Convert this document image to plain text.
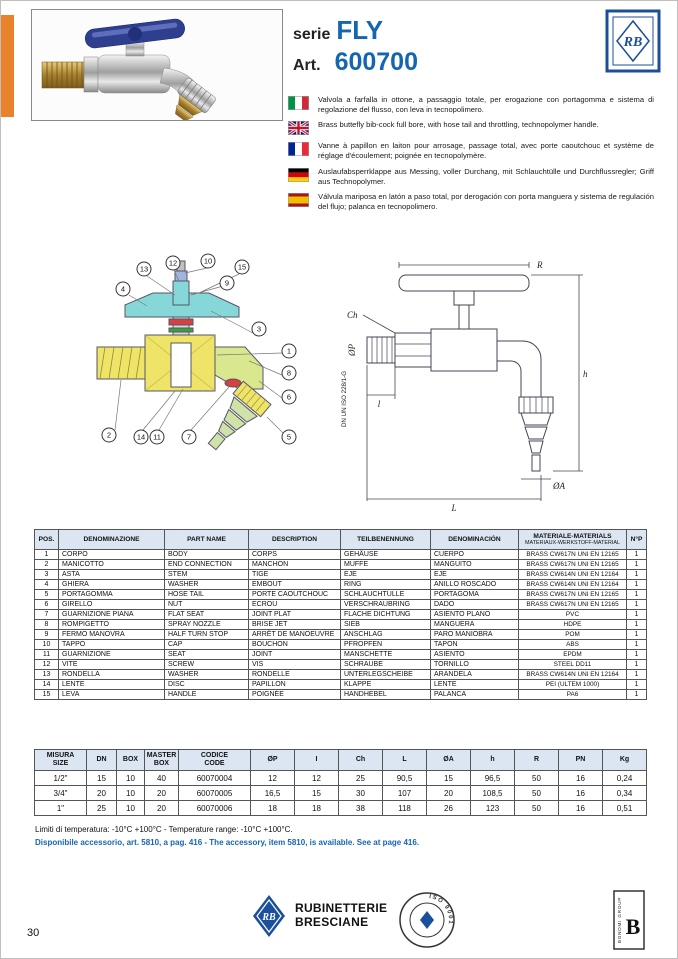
serie FLY
Art. 600700
RB

Valvola a farfalla in ottone, a passaggio totale, per erogazione con portagomma e sistema di regolazione del flusso, con leva in tecnopolimero.

Brass buttefly bib-cock full bore, with hose tail and throttling, technopolymer handle.

Vanne à papillon en laiton pour arrosage, passage total, avec porte caoutchouc et système de réglage d'écoulement; poignée en tecnopolymère.

Auslaufabsperrklappe aus Messing, voller Durchang, mit Schlauchtülle und Durchflussregler; Griff aus Technopolymer.

Válvula mariposa en latón a paso total, por derogación con porta manguera y sistema de regulación del flujo; palanca en tecnopolimero.

13
12	10
15
9
4
3
1
8
6
2	14 11	7	5
R
Ch
ØP
DN UN ISO 228/1-G	l
L
ØA
h
POS.	DENOMINAZIONE	PART NAME	DESCRIPTION	TEILBENENNUNG	DENOMINACIÓN	MATERIALE-MATERIALS
MATERIAUX-WERKSTOFF-MATERIAL	N°P
1	CORPO	BODY	CORPS	GEHÄUSE	CUERPO	BRASS CW617N UNI EN 12165	1
2	MANICOTTO	END CONNECTION	MANCHON	MUFFE	MANGUITO	BRASS CW617N UNI EN 12165	1
3	ASTA	STEM	TIGE	EJE	EJE	BRASS CW614N UNI EN 12164	1
4	GHIERA	WASHER	EMBOUT	RING	ANILLO ROSCADO	BRASS CW614N UNI EN 12164	1
5	PORTAGOMMA	HOSE TAIL	PORTE CAOUTCHOUC	SCHLAUCHTÜLLE	PORTAGOMA	BRASS CW617N UNI EN 12165	1
6	GIRELLO	NUT	ECROU	VERSCHRAUBRING	DADO	BRASS CW617N UNI EN 12165	1
7	GUARNIZIONE PIANA	FLAT SEAT	JOINT PLAT	FLACHE DICHTUNG	ASIENTO PLANO	PVC	1
8	ROMPIGETTO	SPRAY NOZZLE	BRISE JET	SIEB	MANGUERA	HDPE	1
9	FERMO MANOVRA	HALF TURN STOP	ARRÊT DE MANOEUVRE	ANSCHLAG	PARO MANIOBRA	POM	1
10	TAPPO	CAP	BOUCHON	PFROPFEN	TAPON	ABS	1
11	GUARNIZIONE	SEAT	JOINT	MANSCHETTE	ASIENTO	EPDM	1
12	VITE	SCREW	VIS	SCHRAUBE	TORNILLO	STEEL DD11	1
13	RONDELLA	WASHER	RONDELLE	UNTERLEGSCHEIBE	ARANDELA	BRASS CW614N UNI EN 12164	1
14	LENTE	DISC	PAPILLON	KLAPPE	LENTE	PEI (ULTEM 1000)	1
15	LEVA	HANDLE	POIGNÉE	HANDHEBEL	PALANCA	PA6	1
MISURA
SIZE
	DN	BOX	
MASTER
BOX

CODICE
CODE
	ØP	I	Ch	L	ØA	h	R	PN	Kg
1/2"	15	10	40	60070004	12	12	25	90,5	15	96,5	50	16	0,24
3/4"	20	10	20	60070005	16,5	15	30	107	20	108,5	50	16	0,34
1"	25	10	20	60070006	18	18	38	118	26	123	50	16	0,51
Limiti di temperatura: -10°C +100°C - Temperature range: -10°C +100°C.
Disponibile accessorio, art. 5810, a pag. 416 - The accessory, item 5810, is available. See at page 416.
RB
RUBINETTERIE
BRESCIANE
ISO 9001	BONOMI GROUP B
30
